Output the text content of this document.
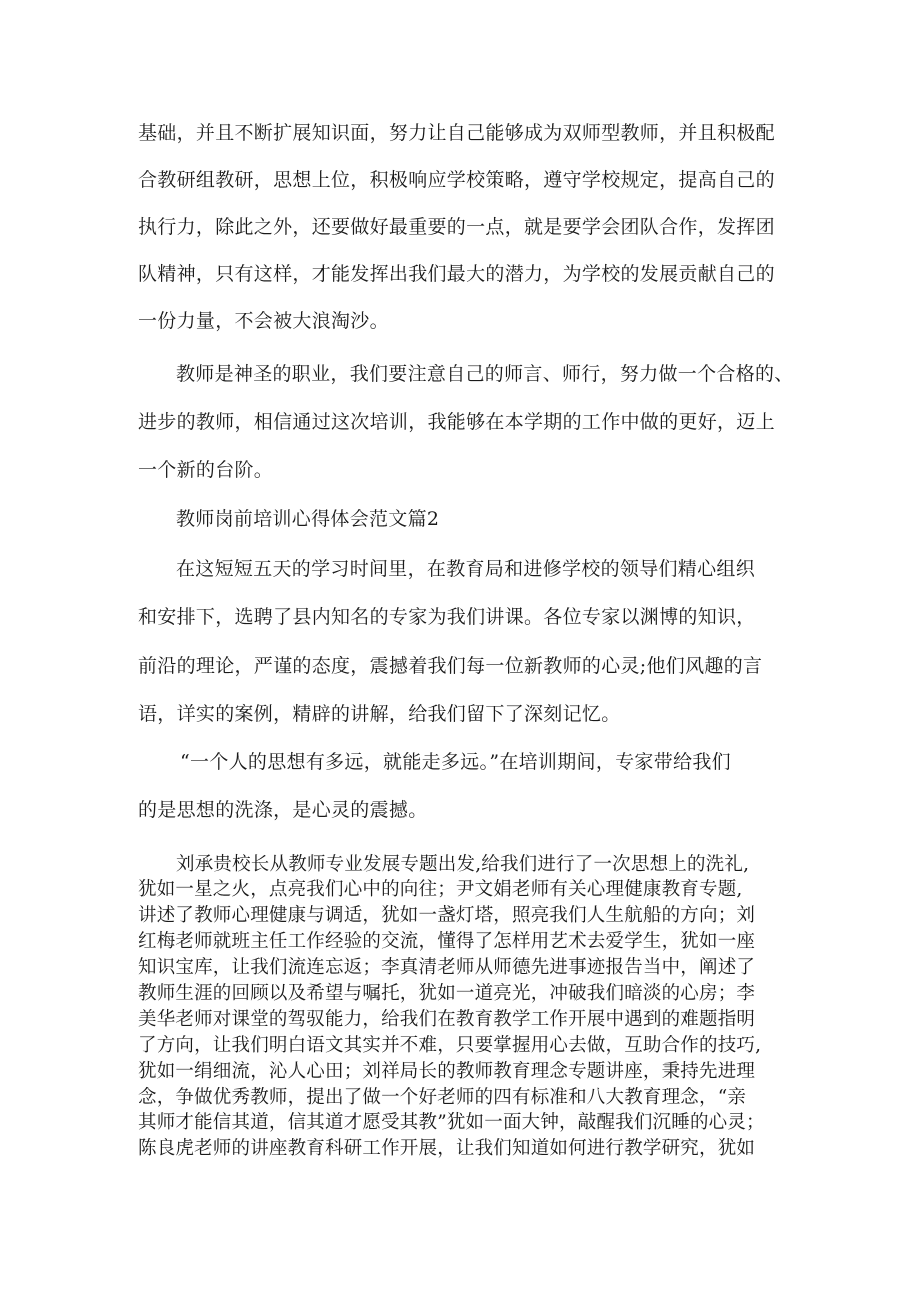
基础，并且不断扩展知识面，努力让自己能够成为双师型教师，并且积极配
合教研组教研，思想上位，积极响应学校策略，遵守学校规定，提高自己的
执行力，除此之外，还要做好最重要的一点，就是要学会团队合作，发挥团
队精神，只有这样，才能发挥出我们最大的潜力，为学校的发展贡献自己的
一份力量，不会被大浪淘沙。
教师是神圣的职业，我们要注意自己的师言、师行，努力做一个合格的、
进步的教师，相信通过这次培训，我能够在本学期的工作中做的更好，迈上
一个新的台阶。
教师岗前培训心得体会范文篇2
在这短短五天的学习时间里，在教育局和进修学校的领导们精心组织
和安排下，选聘了县内知名的专家为我们讲课。各位专家以渊博的知识，
前沿的理论，严谨的态度，震撼着我们每一位新教师的心灵;他们风趣的言
语，详实的案例，精辟的讲解，给我们留下了深刻记忆。
“一个人的思想有多远，就能走多远。”在培训期间，专家带给我们
的是思想的洗涤，是心灵的震撼。
刘承贵校长从教师专业发展专题出发,给我们进行了一次思想上的洗礼,
犹如一星之火，点亮我们心中的向往；尹文娟老师有关心理健康教育专题,
讲述了教师心理健康与调适，犹如一盏灯塔，照亮我们人生航船的方向；刘
红梅老师就班主任工作经验的交流，懂得了怎样用艺术去爱学生，犹如一座
知识宝库，让我们流连忘返；李真清老师从师德先进事迹报告当中，阐述了
教师生涯的回顾以及希望与嘱托，犹如一道亮光，冲破我们暗淡的心房；李
美华老师对课堂的驾驭能力，给我们在教育教学工作开展中遇到的难题指明
了方向，让我们明白语文其实并不难，只要掌握用心去做，互助合作的技巧,
犹如一绢细流，沁人心田；刘祥局长的教师教育理念专题讲座，秉持先进理
念，争做优秀教师，提出了做一个好老师的四有标准和八大教育理念，“亲
其师才能信其道，信其道才愿受其教”犹如一面大钟，敲醒我们沉睡的心灵；
陈良虎老师的讲座教育科研工作开展，让我们知道如何进行教学研究，犹如
